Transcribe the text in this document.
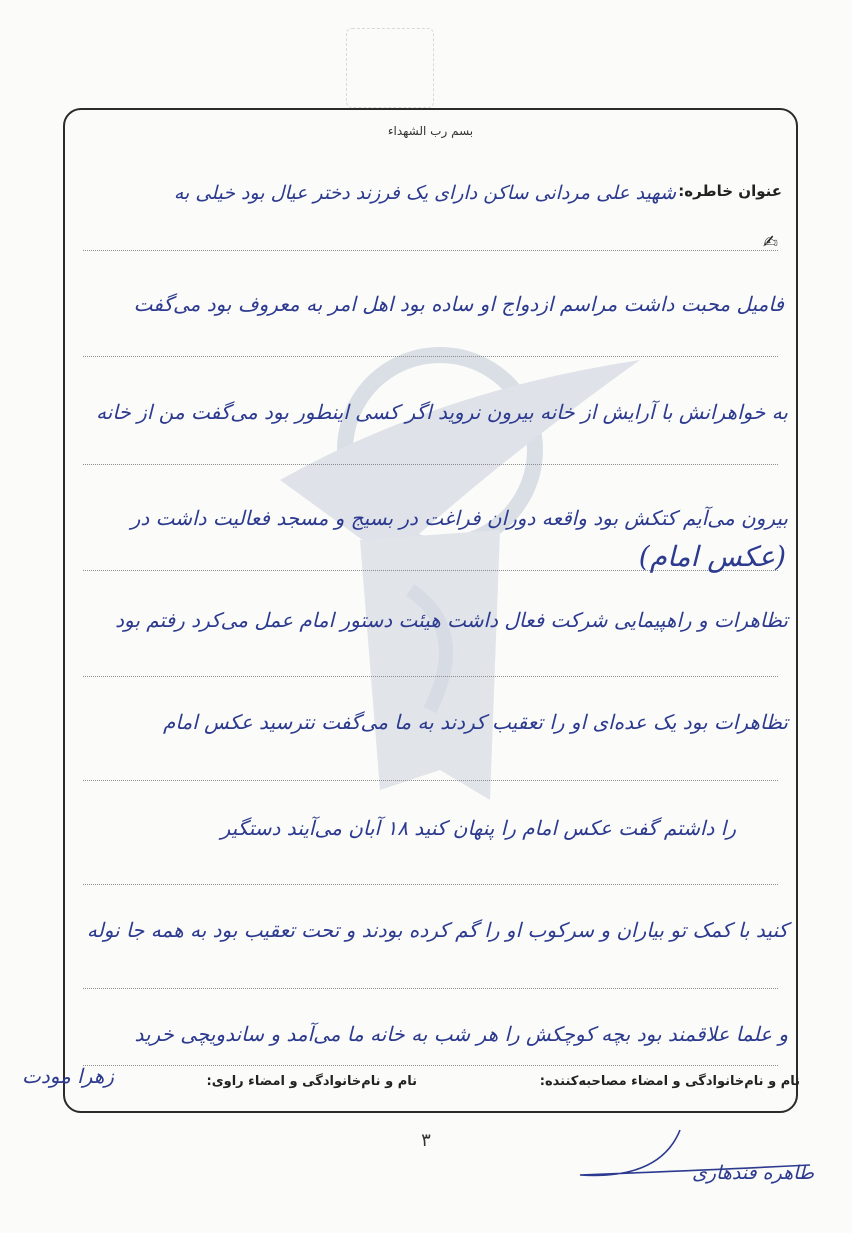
بسم رب الشهداء
عنوان خاطره:
شهید علی مردانی ساکن دارای یک فرزند دختر عیال بود خیلی به
✍
فامیل محبت داشت مراسم ازدواج او ساده بود اهل امر به معروف بود می‌گفت
به خواهرانش با آرایش از خانه بیرون نروید اگر کسی اینطور بود می‌گفت من از خانه
بیرون می‌آیم کتکش بود واقعه دوران فراغت در بسیج و مسجد فعالیت داشت در
(عکس امام)
تظاهرات و راهپیمایی شرکت فعال داشت هیئت دستور امام عمل می‌کرد رفتم بود
تظاهرات بود یک عده‌ای او را تعقیب کردند به ما می‌گفت نترسید عکس امام
را داشتم گفت عکس امام را پنهان کنید ۱۸ آبان می‌آیند دستگیر
کنید با کمک تو بیاران و سرکوب او را گم کرده بودند و تحت تعقیب بود به همه جا نوله
و علما علاقمند بود بچه کوچکش را هر شب به خانه ما می‌آمد و ساندویچی خرید
نام و نام‌خانوادگی و امضاء مصاحبه‌کننده:
نام و نام‌خانوادگی و امضاء راوی:
زهرا مودت
طاهره قندهاری
۳
